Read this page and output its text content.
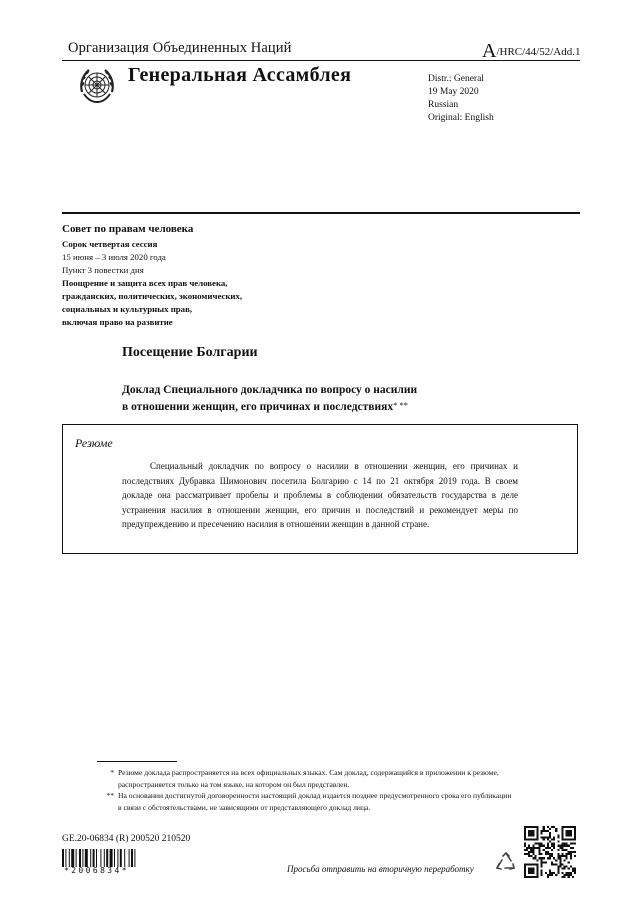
Организация Объединенных Наций	A/HRC/44/52/Add.1
Генеральная Ассамблея	Distr.: General
19 May 2020
Russian
Original: English
Совет по правам человека
Сорок четвертая сессия
15 июня – 3 июля 2020 года
Пункт 3 повестки дня
Поощрение и защита всех прав человека,
гражданских, политических, экономических,
социальных и культурных прав,
включая право на развитие
Посещение Болгарии
Доклад Специального докладчика по вопросу о насилии
в отношении женщин, его причинах и последствиях* **
Резюме
Специальный докладчик по вопросу о насилии в отношении женщин, его причинах и последствиях Дубравка Шимонович посетила Болгарию с 14 по 21 октября 2019 года. В своем докладе она рассматривает пробелы и проблемы в соблюдении обязательств государства в деле устранения насилия в отношении женщин, его причин и последствий и рекомендует меры по предупреждению и пресечению насилия в отношении женщин в данной стране.
* Резюме доклада распространяется на всех официальных языках. Сам доклад, содержащийся в приложении к резюме, распространяется только на том языке, на котором он был представлен.
** На основании достигнутой договоренности настоящий доклад издается позднее предусмотренного срока его публикации в связи с обстоятельствами, не зависящими от представляющего доклад лица.
GE.20-06834 (R) 200520 210520
*2006834*	Просьба отправить на вторичную переработку
